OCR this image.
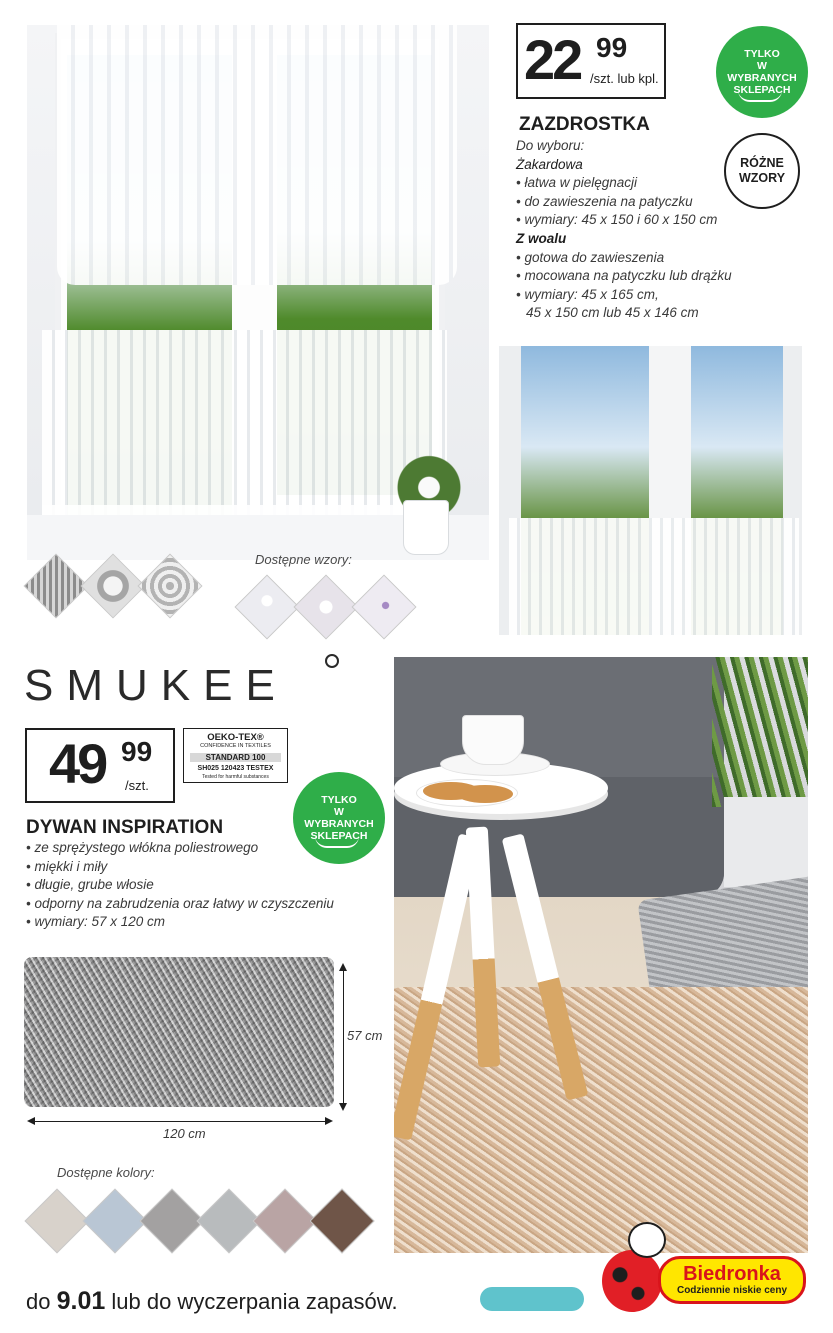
22 99
/szt. lub kpl.
TYLKO
W WYBRANYCH
SKLEPACH
ZAZDROSTKA
RÓŻNE
WZORY
Do wyboru:
Żakardowa
• łatwa w pielęgnacji
• do zawieszenia na patyczku
• wymiary: 45 x 150 i 60 x 150 cm
Z woalu
• gotowa do zawieszenia
• mocowana na patyczku lub drążku
• wymiary: 45 x 165 cm,
45 x 150 cm lub 45 x 146 cm
Dostępne wzory:
SMUKEE
49 99
/szt.
OEKO-TEX®
CONFIDENCE IN TEXTILES
STANDARD 100
SH025 120423 TESTEX
Tested for harmful substances
TYLKO
W WYBRANYCH
SKLEPACH
DYWAN INSPIRATION
• ze sprężystego włókna poliestrowego
• miękki i miły
• długie, grube włosie
• odporny na zabrudzenia oraz łatwy w czyszczeniu
• wymiary: 57 x 120 cm
57 cm
120 cm
Dostępne kolory:
do 9.01 lub do wyczerpania zapasów.
Biedronka
Codziennie niskie ceny
